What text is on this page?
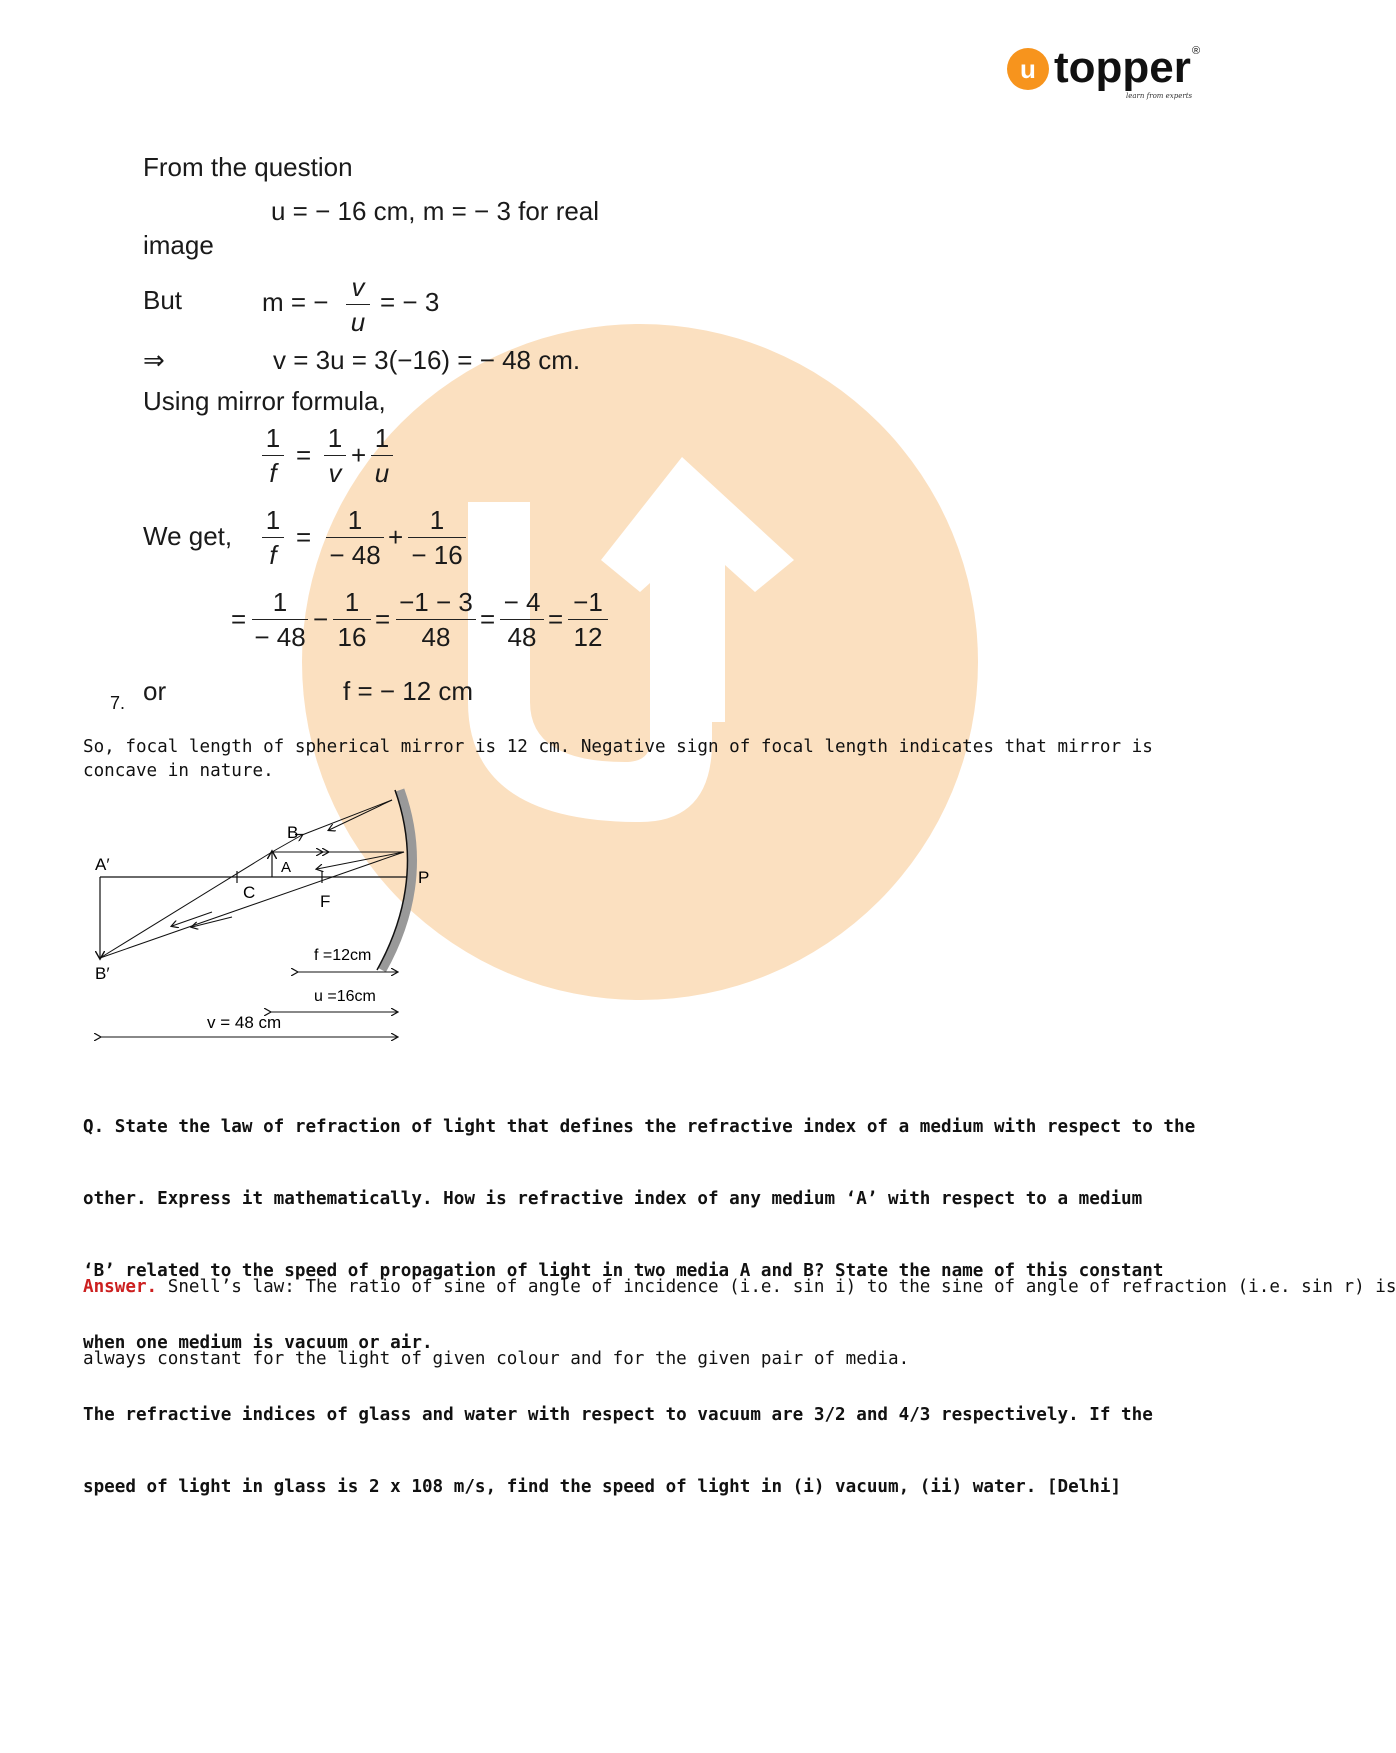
u topper ®
learn from experts
From the question
u = − 16 cm, m = − 3 for real
image
But	m = − v
u
= − 3
⇒	v = 3u = 3(−16) = − 48 cm.
Using mirror formula,
1
f
=
1
v
+
1
u
We get,
1
f
=
1
− 48
+
1
− 16
=
1
− 48
−
1
16
=
−1 − 3
48
=
− 4
48
=
−1
12
7. or	f = − 12 cm
So, focal length of spherical mirror is 12 cm. Negative sign of focal length indicates that mirror is concave in nature.
A′
B′
B
A
C	F
P
f =12cm
u =16cm
v = 48 cm

Q. State the law of refraction of light that defines the refractive index of a medium with respect to the

other. Express it mathematically. How is refractive index of any medium ‘A’ with respect to a medium

‘B’ related to the speed of propagation of light in two media A and B? State the name of this constant

when one medium is vacuum or air.

The refractive indices of glass and water with respect to vacuum are 3/2 and 4/3 respectively. If the

speed of light in glass is 2 x 108 m/s, find the speed of light in (i) vacuum, (ii) water. [Delhi]

Answer. Snell’s law: The ratio of sine of angle of incidence (i.e. sin i) to the sine of angle of refraction (i.e. sin r) is

always constant for the light of given colour and for the given pair of media.
